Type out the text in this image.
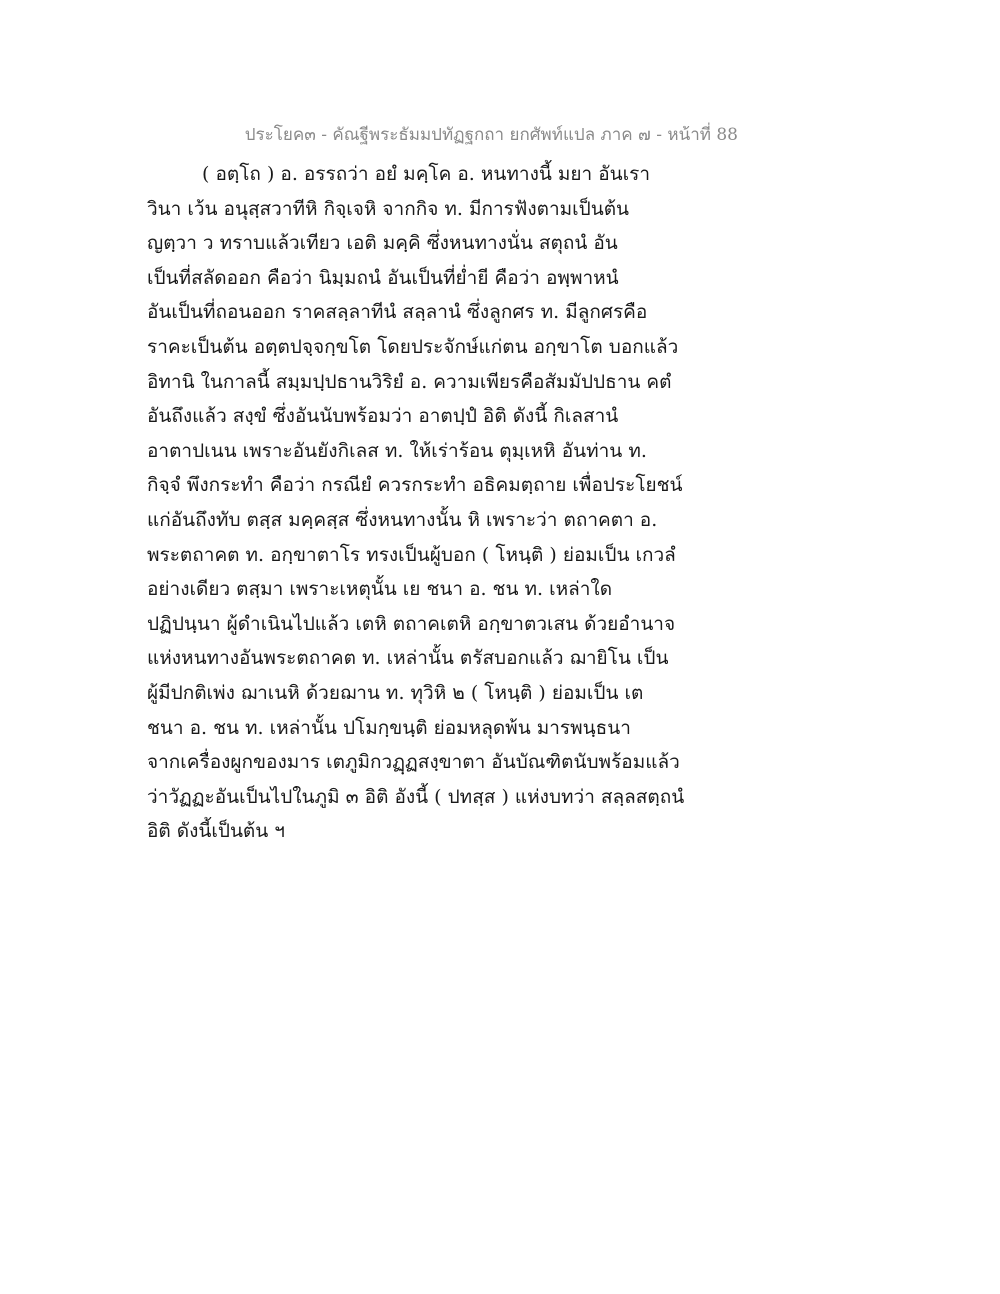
ประโยค๓ - คัณฐีพระธัมมปทัฏฐกถา ยกศัพท์แปล ภาค ๗ - หน้าที่ 88
( อตฺโถ ) อ. อรรถว่า อยํ มคฺโค อ. หนทางนี้ มยา อันเรา
วินา เว้น อนุสฺสวาทีหิ กิจฺเจหิ จากกิจ ท. มีการฟังตามเป็นต้น
ญตฺวา ว ทราบแล้วเทียว เอติ มคฺคิ ซึ่งหนทางนั่น สตุถนํ อัน
เป็นที่สลัดออก คือว่า นิมฺมถนํ อันเป็นที่ย่ำยี คือว่า อพฺพาหนํ
อันเป็นที่ถอนออก ราคสลฺลาทีนํ สลฺลานํ ซึ่งลูกศร ท. มีลูกศรคือ
ราคะเป็นต้น อตฺตปจฺจกฺขโต โดยประจักษ์แก่ตน อกฺขาโต บอกแล้ว
อิทานิ ในกาลนี้ สมฺมปฺปธานวิริยํ อ. ความเพียรคือสัมมัปปธาน คตํ
อันถึงแล้ว สงฺขํ ซึ่งอันนับพร้อมว่า อาตปฺปํ อิติ ดังนี้ กิเลสานํ
อาตาปเนน เพราะอันยังกิเลส ท. ให้เร่าร้อน ตุมฺเหหิ อันท่าน ท.
กิจฺจํ พึงกระทำ คือว่า กรณียํ ควรกระทำ อธิคมตฺถาย เพื่อประโยชน์
แก่อันถึงทับ ตสฺส มคฺคสฺส ซึ่งหนทางนั้น หิ เพราะว่า ตถาคตา อ.
พระตถาคต ท. อกฺขาตาโร ทรงเป็นผู้บอก ( โหนฺติ ) ย่อมเป็น เกวลํ
อย่างเดียว ตสฺมา เพราะเหตุนั้น เย ชนา อ. ชน ท. เหล่าใด
ปฏิปนฺนา ผู้ดำเนินไปแล้ว เตหิ ตถาคเตหิ อกฺขาตวเสน ด้วยอำนาจ
แห่งหนทางอันพระตถาคต ท. เหล่านั้น ตรัสบอกแล้ว ฌายิโน เป็น
ผู้มีปกติเพ่ง ฌาเนหิ ด้วยฌาน ท. ทุวิหิ ๒ ( โหนฺติ ) ย่อมเป็น เต
ชนา อ. ชน ท. เหล่านั้น ปโมกฺขนฺติ ย่อมหลุดพ้น มารพนฺธนา
จากเครื่องผูกของมาร เตภูมิกวฏฺฏสงฺขาตา อันบัณฑิตนับพร้อมแล้ว
ว่าวัฏฏะอันเป็นไปในภูมิ ๓ อิติ อังนี้ ( ปทสฺส ) แห่งบทว่า สลฺลสตฺถนํ
อิติ ดังนี้เป็นต้น ฯ
